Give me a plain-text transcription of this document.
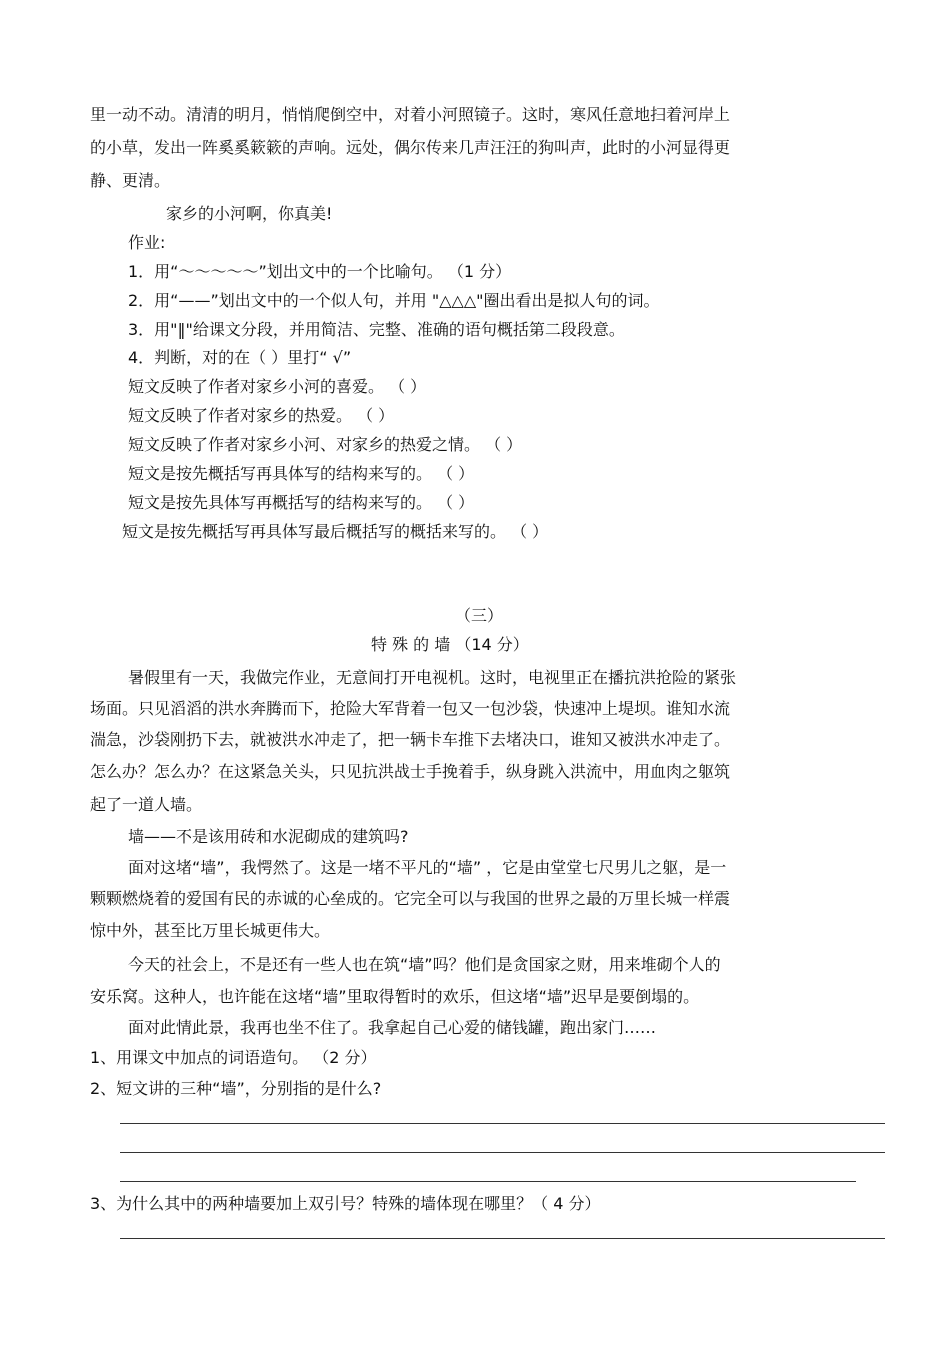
里一动不动。清清的明月，悄悄爬倒空中，对着小河照镜子。这时，寒风任意地扫着河岸上
的小草，发出一阵奚奚簌簌的声响。远处，偶尔传来几声汪汪的狗叫声，此时的小河显得更
静、更清。
家乡的小河啊，你真美!
作业:
1．用“～～～～～”划出文中的一个比喻句。 （1 分）
2．用“——”划出文中的一个似人句，并用 "△△△"圈出看出是拟人句的词。
3．用"‖"给课文分段，并用简洁、完整、准确的语句概括第二段段意。
4．判断，对的在（ ）里打“ √”
短文反映了作者对家乡小河的喜爱。 （ ）
短文反映了作者对家乡的热爱。 （ ）
短文反映了作者对家乡小河、对家乡的热爱之情。 （ ）
短文是按先概括写再具体写的结构来写的。 （ ）
短文是按先具体写再概括写的结构来写的。 （ ）
短文是按先概括写再具体写最后概括写的概括来写的。 （ ）
（三）
特 殊 的 墙 （14 分）
暑假里有一天，我做完作业，无意间打开电视机。这时，电视里正在播抗洪抢险的紧张
场面。只见滔滔的洪水奔腾而下，抢险大军背着一包又一包沙袋，快速冲上堤坝。谁知水流
湍急，沙袋刚扔下去，就被洪水冲走了，把一辆卡车推下去堵决口，谁知又被洪水冲走了。
怎么办？怎么办？在这紧急关头，只见抗洪战士手挽着手，纵身跳入洪流中，用血肉之躯筑
起了一道人墙。
墙——不是该用砖和水泥砌成的建筑吗?
面对这堵“墙”，我愕然了。这是一堵不平凡的“墙” ，它是由堂堂七尺男儿之躯，是一
颗颗燃烧着的爱国有民的赤诚的心垒成的。它完全可以与我国的世界之最的万里长城一样震
惊中外，甚至比万里长城更伟大。
今天的社会上，不是还有一些人也在筑“墙”吗？他们是贪国家之财，用来堆砌个人的
安乐窝。这种人，也许能在这堵“墙”里取得暂时的欢乐，但这堵“墙”迟早是要倒塌的。
面对此情此景，我再也坐不住了。我拿起自己心爱的储钱罐，跑出家门……
1、用课文中加点的词语造句。 （2 分）
2、短文讲的三种“墙”，分别指的是什么?
3、为什么其中的两种墙要加上双引号？特殊的墙体现在哪里？（ 4 分）
